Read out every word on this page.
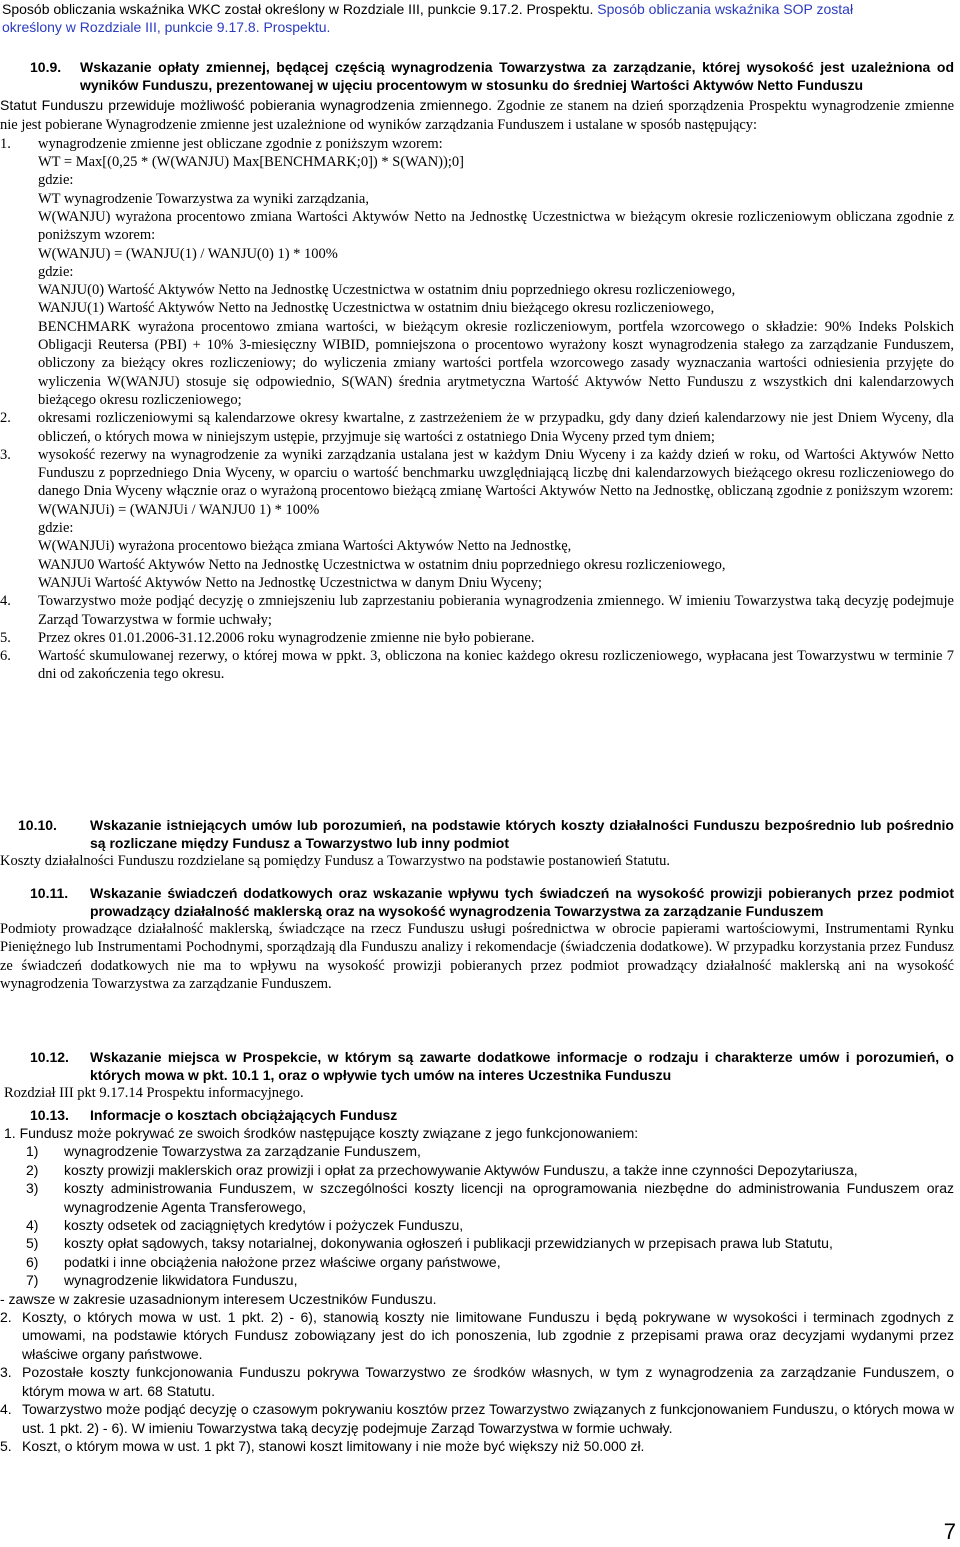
Sposób obliczania wskaźnika WKC został określony w Rozdziale III, punkcie 9.17.2. Prospektu. Sposób obliczania wskaźnika SOP został
określony w Rozdziale III, punkcie 9.17.8. Prospektu.
10.9.	Wskazanie opłaty zmiennej, będącej częścią wynagrodzenia Towarzystwa za zarządzanie, której wysokość jest uzależniona od wyników Funduszu, prezentowanej w ujęciu procentowym w stosunku do średniej Wartości Aktywów Netto Funduszu

Statut Funduszu przewiduje możliwość pobierania wynagrodzenia zmiennego. Zgodnie ze stanem na dzień sporządzenia Prospektu wynagrodzenie zmienne nie jest pobierane Wynagrodzenie zmienne jest uzależnione od wyników zarządzania Funduszem i ustalane w sposób następujący:

1.	wynagrodzenie zmienne jest obliczane zgodnie z poniższym wzorem:

WT = Max[(0,25 * (W(WANJU) Max[BENCHMARK;0]) * S(WAN));0]

gdzie:

WT wynagrodzenie Towarzystwa za wyniki zarządzania,

W(WANJU) wyrażona procentowo zmiana Wartości Aktywów Netto na Jednostkę Uczestnictwa w bieżącym okresie rozliczeniowym obliczana zgodnie z poniższym wzorem:

W(WANJU) = (WANJU(1) / WANJU(0) 1) * 100%

gdzie:

WANJU(0) Wartość Aktywów Netto na Jednostkę Uczestnictwa w ostatnim dniu poprzedniego okresu rozliczeniowego,

WANJU(1) Wartość Aktywów Netto na Jednostkę Uczestnictwa w ostatnim dniu bieżącego okresu rozliczeniowego,

BENCHMARK wyrażona procentowo zmiana wartości, w bieżącym okresie rozliczeniowym, portfela wzorcowego o składzie: 90% Indeks Polskich Obligacji Reutersa (PBI) + 10% 3-miesięczny WIBID, pomniejszona o procentowo wyrażony koszt wynagrodzenia stałego za zarządzanie Funduszem, obliczony za bieżący okres rozliczeniowy; do wyliczenia zmiany wartości portfela wzorcowego zasady wyznaczania wartości odniesienia przyjęte do wyliczenia W(WANJU) stosuje się odpowiednio, S(WAN) średnia arytmetyczna Wartość Aktywów Netto Funduszu z wszystkich dni kalendarzowych bieżącego okresu rozliczeniowego;

2.	okresami rozliczeniowymi są kalendarzowe okresy kwartalne, z zastrzeżeniem że w przypadku, gdy dany dzień kalendarzowy nie jest Dniem Wyceny, dla obliczeń, o których mowa w niniejszym ustępie, przyjmuje się wartości z ostatniego Dnia Wyceny przed tym dniem;
3.	wysokość rezerwy na wynagrodzenie za wyniki zarządzania ustalana jest w każdym Dniu Wyceny i za każdy dzień w roku, od Wartości Aktywów Netto Funduszu z poprzedniego Dnia Wyceny, w oparciu o wartość benchmarku uwzględniającą liczbę dni kalendarzowych bieżącego okresu rozliczeniowego do danego Dnia Wyceny włącznie oraz o wyrażoną procentowo bieżącą zmianę Wartości Aktywów Netto na Jednostkę, obliczaną zgodnie z poniższym wzorem:

W(WANJUi) = (WANJUi / WANJU0 1) * 100%

gdzie:

W(WANJUi) wyrażona procentowo bieżąca zmiana Wartości Aktywów Netto na Jednostkę,

WANJU0 Wartość Aktywów Netto na Jednostkę Uczestnictwa w ostatnim dniu poprzedniego okresu rozliczeniowego,

WANJUi Wartość Aktywów Netto na Jednostkę Uczestnictwa w danym Dniu Wyceny;

4.	Towarzystwo może podjąć decyzję o zmniejszeniu lub zaprzestaniu pobierania wynagrodzenia zmiennego. W imieniu Towarzystwa taką decyzję podejmuje Zarząd Towarzystwa w formie uchwały;
5.	Przez okres 01.01.2006-31.12.2006 roku wynagrodzenie zmienne nie było pobierane.
6.	Wartość skumulowanej rezerwy, o której mowa w ppkt. 3, obliczona na koniec każdego okresu rozliczeniowego, wypłacana jest Towarzystwu w terminie 7 dni od zakończenia tego okresu.
10.10.	Wskazanie istniejących umów lub porozumień, na podstawie których koszty działalności Funduszu bezpośrednio lub pośrednio są rozliczane między Fundusz a Towarzystwo lub inny podmiot

Koszty działalności Funduszu rozdzielane są pomiędzy Fundusz a Towarzystwo na podstawie postanowień Statutu.

10.11.	Wskazanie świadczeń dodatkowych oraz wskazanie wpływu tych świadczeń na wysokość prowizji pobieranych przez podmiot prowadzący działalność maklerską oraz na wysokość wynagrodzenia Towarzystwa za zarządzanie Funduszem

Podmioty prowadzące działalność maklerską, świadczące na rzecz Funduszu usługi pośrednictwa w obrocie papierami wartościowymi, Instrumentami Rynku Pieniężnego lub Instrumentami Pochodnymi, sporządzają dla Funduszu analizy i rekomendacje (świadczenia dodatkowe). W przypadku korzystania przez Fundusz ze świadczeń dodatkowych nie ma to wpływu na wysokość prowizji pobieranych przez podmiot prowadzący działalność maklerską ani na wysokość wynagrodzenia Towarzystwa za zarządzanie Funduszem.

10.12.	Wskazanie miejsca w Prospekcie, w którym są zawarte dodatkowe informacje o rodzaju i charakterze umów i porozumień, o których mowa w pkt. 10.1 1, oraz o wpływie tych umów na interes Uczestnika Funduszu

Rozdział III pkt 9.17.14 Prospektu informacyjnego.

10.13.	Informacje o kosztach obciążających Fundusz

1. Fundusz może pokrywać ze swoich środków następujące koszty związane z jego funkcjonowaniem:

1)	wynagrodzenie Towarzystwa za zarządzanie Funduszem,
2)	koszty prowizji maklerskich oraz prowizji i opłat za przechowywanie Aktywów Funduszu, a także inne czynności Depozytariusza,
3)	koszty administrowania Funduszem, w szczególności koszty licencji na oprogramowania niezbędne do administrowania Funduszem oraz wynagrodzenie Agenta Transferowego,
4)	koszty odsetek od zaciągniętych kredytów i pożyczek Funduszu,
5)	koszty opłat sądowych, taksy notarialnej, dokonywania ogłoszeń i publikacji przewidzianych w przepisach prawa lub Statutu,
6)	podatki i inne obciążenia nałożone przez właściwe organy państwowe,
7)	wynagrodzenie likwidatora Funduszu,

- zawsze w zakresie uzasadnionym interesem Uczestników Funduszu.

2. Koszty, o których mowa w ust. 1 pkt. 2) - 6), stanowią koszty nie limitowane Funduszu i będą pokrywane w wysokości i terminach zgodnych z umowami, na podstawie których Fundusz zobowiązany jest do ich ponoszenia, lub zgodnie z przepisami prawa oraz decyzjami wydanymi przez właściwe organy państwowe.
3. Pozostałe koszty funkcjonowania Funduszu pokrywa Towarzystwo ze środków własnych, w tym z wynagrodzenia za zarządzanie Funduszem, o którym mowa w art. 68 Statutu.
4. Towarzystwo może podjąć decyzję o czasowym pokrywaniu kosztów przez Towarzystwo związanych z funkcjonowaniem Funduszu, o których mowa w ust. 1 pkt. 2) - 6). W imieniu Towarzystwa taką decyzję podejmuje Zarząd Towarzystwa w formie uchwały.
5. Koszt, o którym mowa w ust. 1 pkt 7), stanowi koszt limitowany i nie może być większy niż 50.000 zł.
7
